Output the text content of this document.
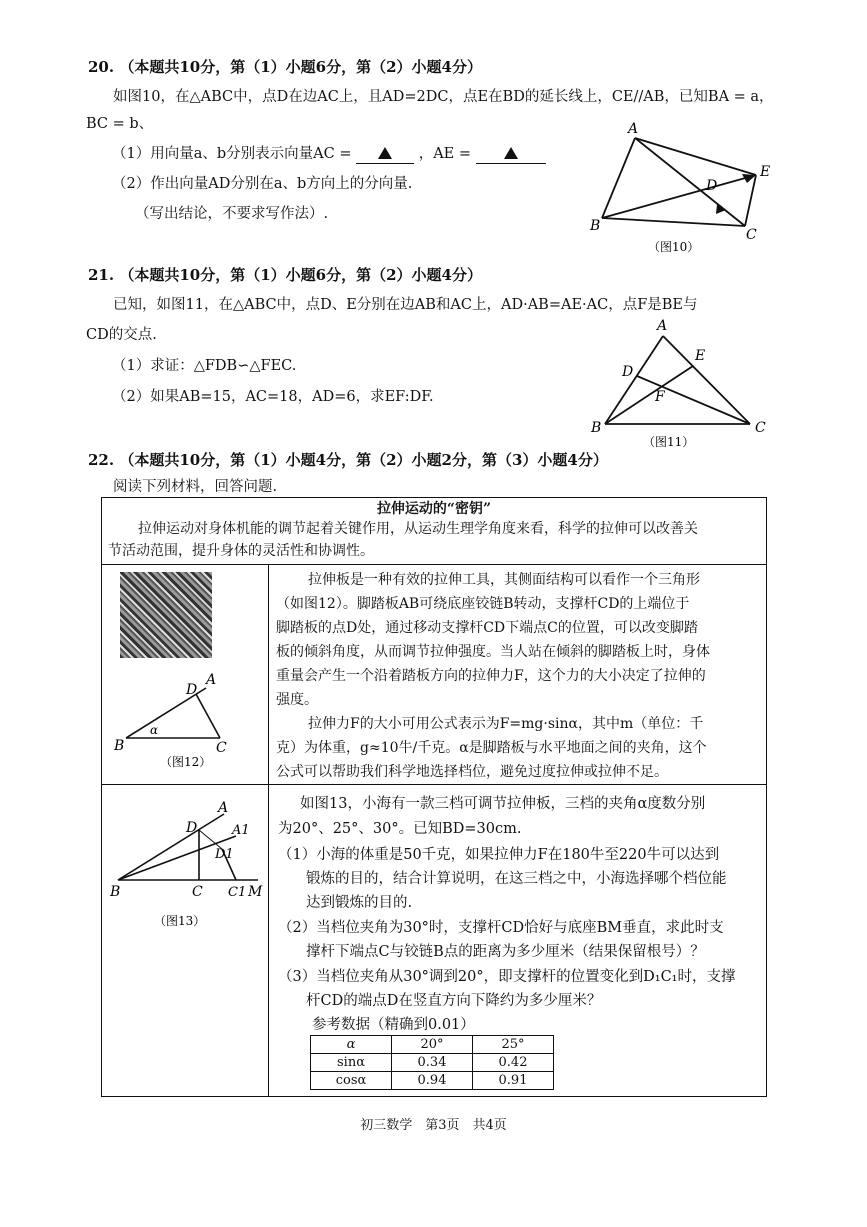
20. （本题共10分，第（1）小题6分，第（2）小题4分）
如图10，在△ABC中，点D在边AC上，且AD=2DC，点E在BD的延长线上，CE//AB，已知BA = a，
BC = b、
（1）用向量a、b分别表示向量AC =	，AE =
（2）作出向量AD分别在a、b方向上的分向量.
（写出结论，不要求写作法）.
A
B
C
D
E
（图10）
21. （本题共10分，第（1）小题6分，第（2）小题4分）
已知，如图11，在△ABC中，点D、E分别在边AB和AC上，AD·AB=AE·AC，点F是BE与
CD的交点.
（1）求证：△FDB∽△FEC.
（2）如果AB=15，AC=18，AD=6，求EF:DF.
A
B	C
D
E
F
（图11）
22. （本题共10分，第（1）小题4分，第（2）小题2分，第（3）小题4分）
阅读下列材料，回答问题.
拉伸运动的“密钥”
拉伸运动对身体机能的调节起着关键作用，从运动生理学角度来看，科学的拉伸可以改善关
节活动范围，提升身体的灵活性和协调性。
A
B	C
D
α
（图12）
拉伸板是一种有效的拉伸工具，其侧面结构可以看作一个三角形
（如图12）。脚踏板AB可绕底座铰链B转动，支撑杆CD的上端位于
脚踏板的点D处，通过移动支撑杆CD下端点C的位置，可以改变脚踏
板的倾斜角度，从而调节拉伸强度。当人站在倾斜的脚踏板上时，身体
重量会产生一个沿着踏板方向的拉伸力F，这个力的大小决定了拉伸的
强度。
拉伸力F的大小可用公式表示为F=mg·sinα，其中m（单位：千
克）为体重，g≈10牛/千克。α是脚踏板与水平地面之间的夹角，这个
公式可以帮助我们科学地选择档位，避免过度拉伸或拉伸不足。
A
A1
B	C C1 M
D
D1
（图13）
如图13，小海有一款三档可调节拉伸板，三档的夹角α度数分别
为20°、25°、30°。已知BD=30cm.
（1）小海的体重是50千克，如果拉伸力F在180牛至220牛可以达到
锻炼的目的，结合计算说明，在这三档之中，小海选择哪个档位能
达到锻炼的目的.
（2）当档位夹角为30°时，支撑杆CD恰好与底座BM垂直，求此时支
撑杆下端点C与铰链B点的距离为多少厘米（结果保留根号）？
（3）当档位夹角从30°调到20°，即支撑杆的位置变化到D₁C₁时，支撑
杆CD的端点D在竖直方向下降约为多少厘米？
参考数据（精确到0.01）
α	20°	25°
sinα	0.34	0.42
cosα	0.94	0.91
初三数学　第3页　共4页
